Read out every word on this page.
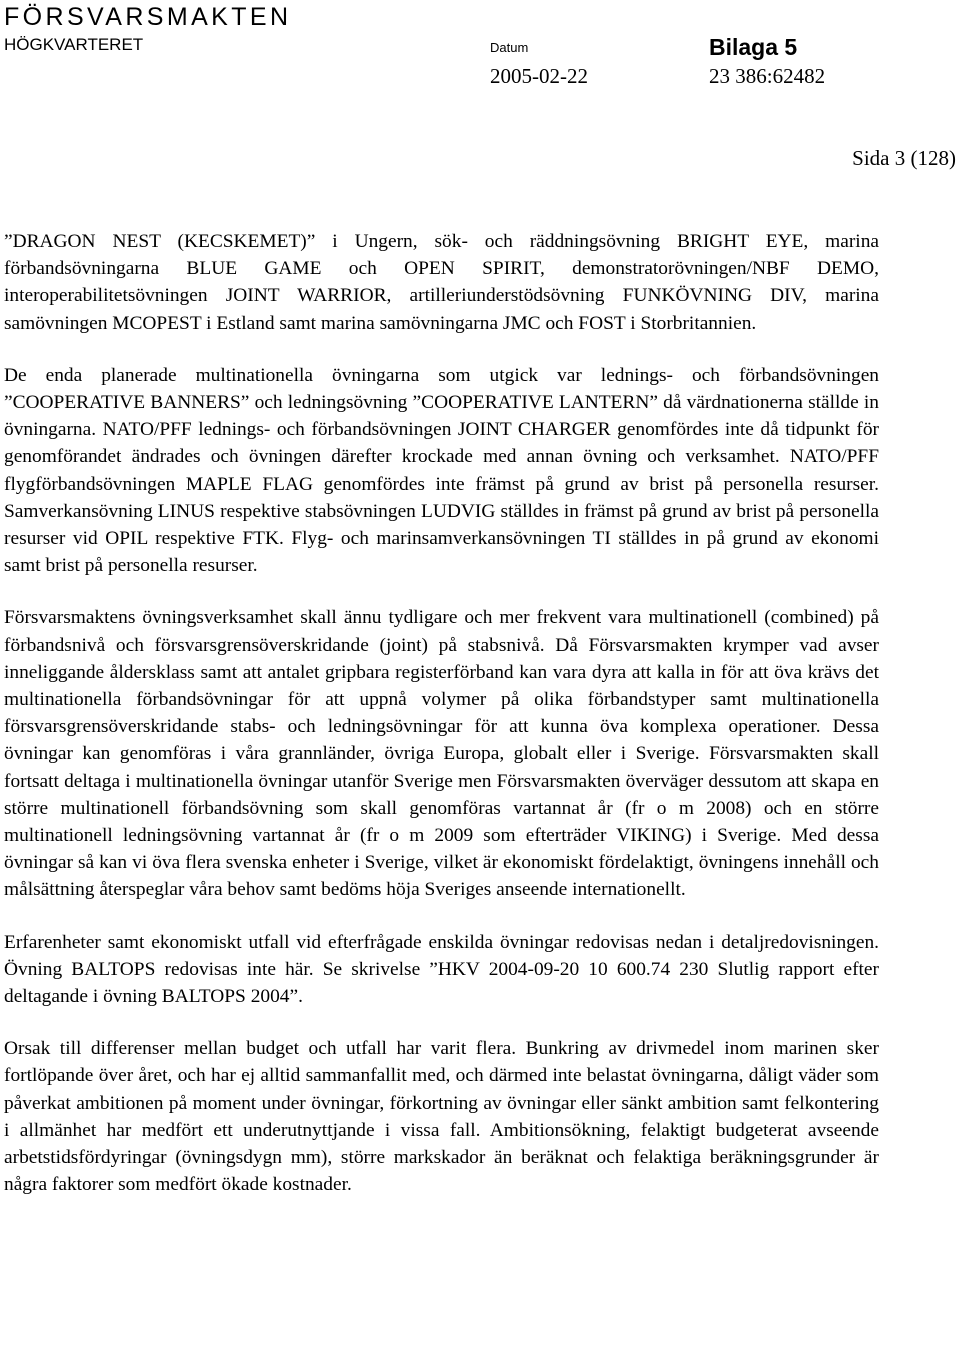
FÖRSVARSMAKTEN
HÖGKVARTERET	Datum	Bilaga 5
2005-02-22	23 386:62482
Sida 3 (128)

”DRAGON NEST (KECSKEMET)” i Ungern, sök- och räddningsövning BRIGHT EYE, marina förbandsövningarna BLUE GAME och OPEN SPIRIT, demonstratorövningen/NBF DEMO, interoperabilitetsövningen JOINT WARRIOR, artilleriunderstödsövning FUNKÖVNING DIV, marina samövningen MCOPEST i Estland samt marina samövningarna JMC och FOST i Storbritannien.

De enda planerade multinationella övningarna som utgick var lednings- och förbandsövningen ”COOPERATIVE BANNERS” och ledningsövning ”COOPERATIVE LANTERN” då värdnationerna ställde in övningarna. NATO/PFF lednings- och förbandsövningen JOINT CHARGER genomfördes inte då tidpunkt för genomförandet ändrades och övningen därefter krockade med annan övning och verksamhet. NATO/PFF flygförbandsövningen MAPLE FLAG genomfördes inte främst på grund av brist på personella resurser. Samverkansövning LINUS respektive stabsövningen LUDVIG ställdes in främst på grund av brist på personella resurser vid OPIL respektive FTK. Flyg- och marinsamverkansövningen TI ställdes in på grund av ekonomi samt brist på personella resurser.

Försvarsmaktens övningsverksamhet skall ännu tydligare och mer frekvent vara multinationell (combined) på förbandsnivå och försvarsgrensöverskridande (joint) på stabsnivå. Då Försvarsmakten krymper vad avser inneliggande åldersklass samt att antalet gripbara registerförband kan vara dyra att kalla in för att öva krävs det multinationella förbandsövningar för att uppnå volymer på olika förbandstyper samt multinationella försvarsgrensöverskridande stabs- och ledningsövningar för att kunna öva komplexa operationer. Dessa övningar kan genomföras i våra grannländer, övriga Europa, globalt eller i Sverige. Försvarsmakten skall fortsatt deltaga i multinationella övningar utanför Sverige men Försvarsmakten överväger dessutom att skapa en större multinationell förbandsövning som skall genomföras vartannat år (fr o m 2008) och en större multinationell ledningsövning vartannat år (fr o m 2009 som efterträder VIKING) i Sverige. Med dessa övningar så kan vi öva flera svenska enheter i Sverige, vilket är ekonomiskt fördelaktigt, övningens innehåll och målsättning återspeglar våra behov samt bedöms höja Sveriges anseende internationellt.

Erfarenheter samt ekonomiskt utfall vid efterfrågade enskilda övningar redovisas nedan i detaljredovisningen. Övning BALTOPS redovisas inte här. Se skrivelse ”HKV 2004-09-20 10 600.74 230 Slutlig rapport efter deltagande i övning BALTOPS 2004”.

Orsak till differenser mellan budget och utfall har varit flera. Bunkring av drivmedel inom marinen sker fortlöpande över året, och har ej alltid sammanfallit med, och därmed inte belastat övningarna, dåligt väder som påverkat ambitionen på moment under övningar, förkortning av övningar eller sänkt ambition samt felkontering i allmänhet har medfört ett underutnyttjande i vissa fall. Ambitionsökning, felaktigt budgeterat avseende arbetstidsfördyringar (övningsdygn mm), större markskador än beräknat och felaktiga beräkningsgrunder är några faktorer som medfört ökade kostnader.
